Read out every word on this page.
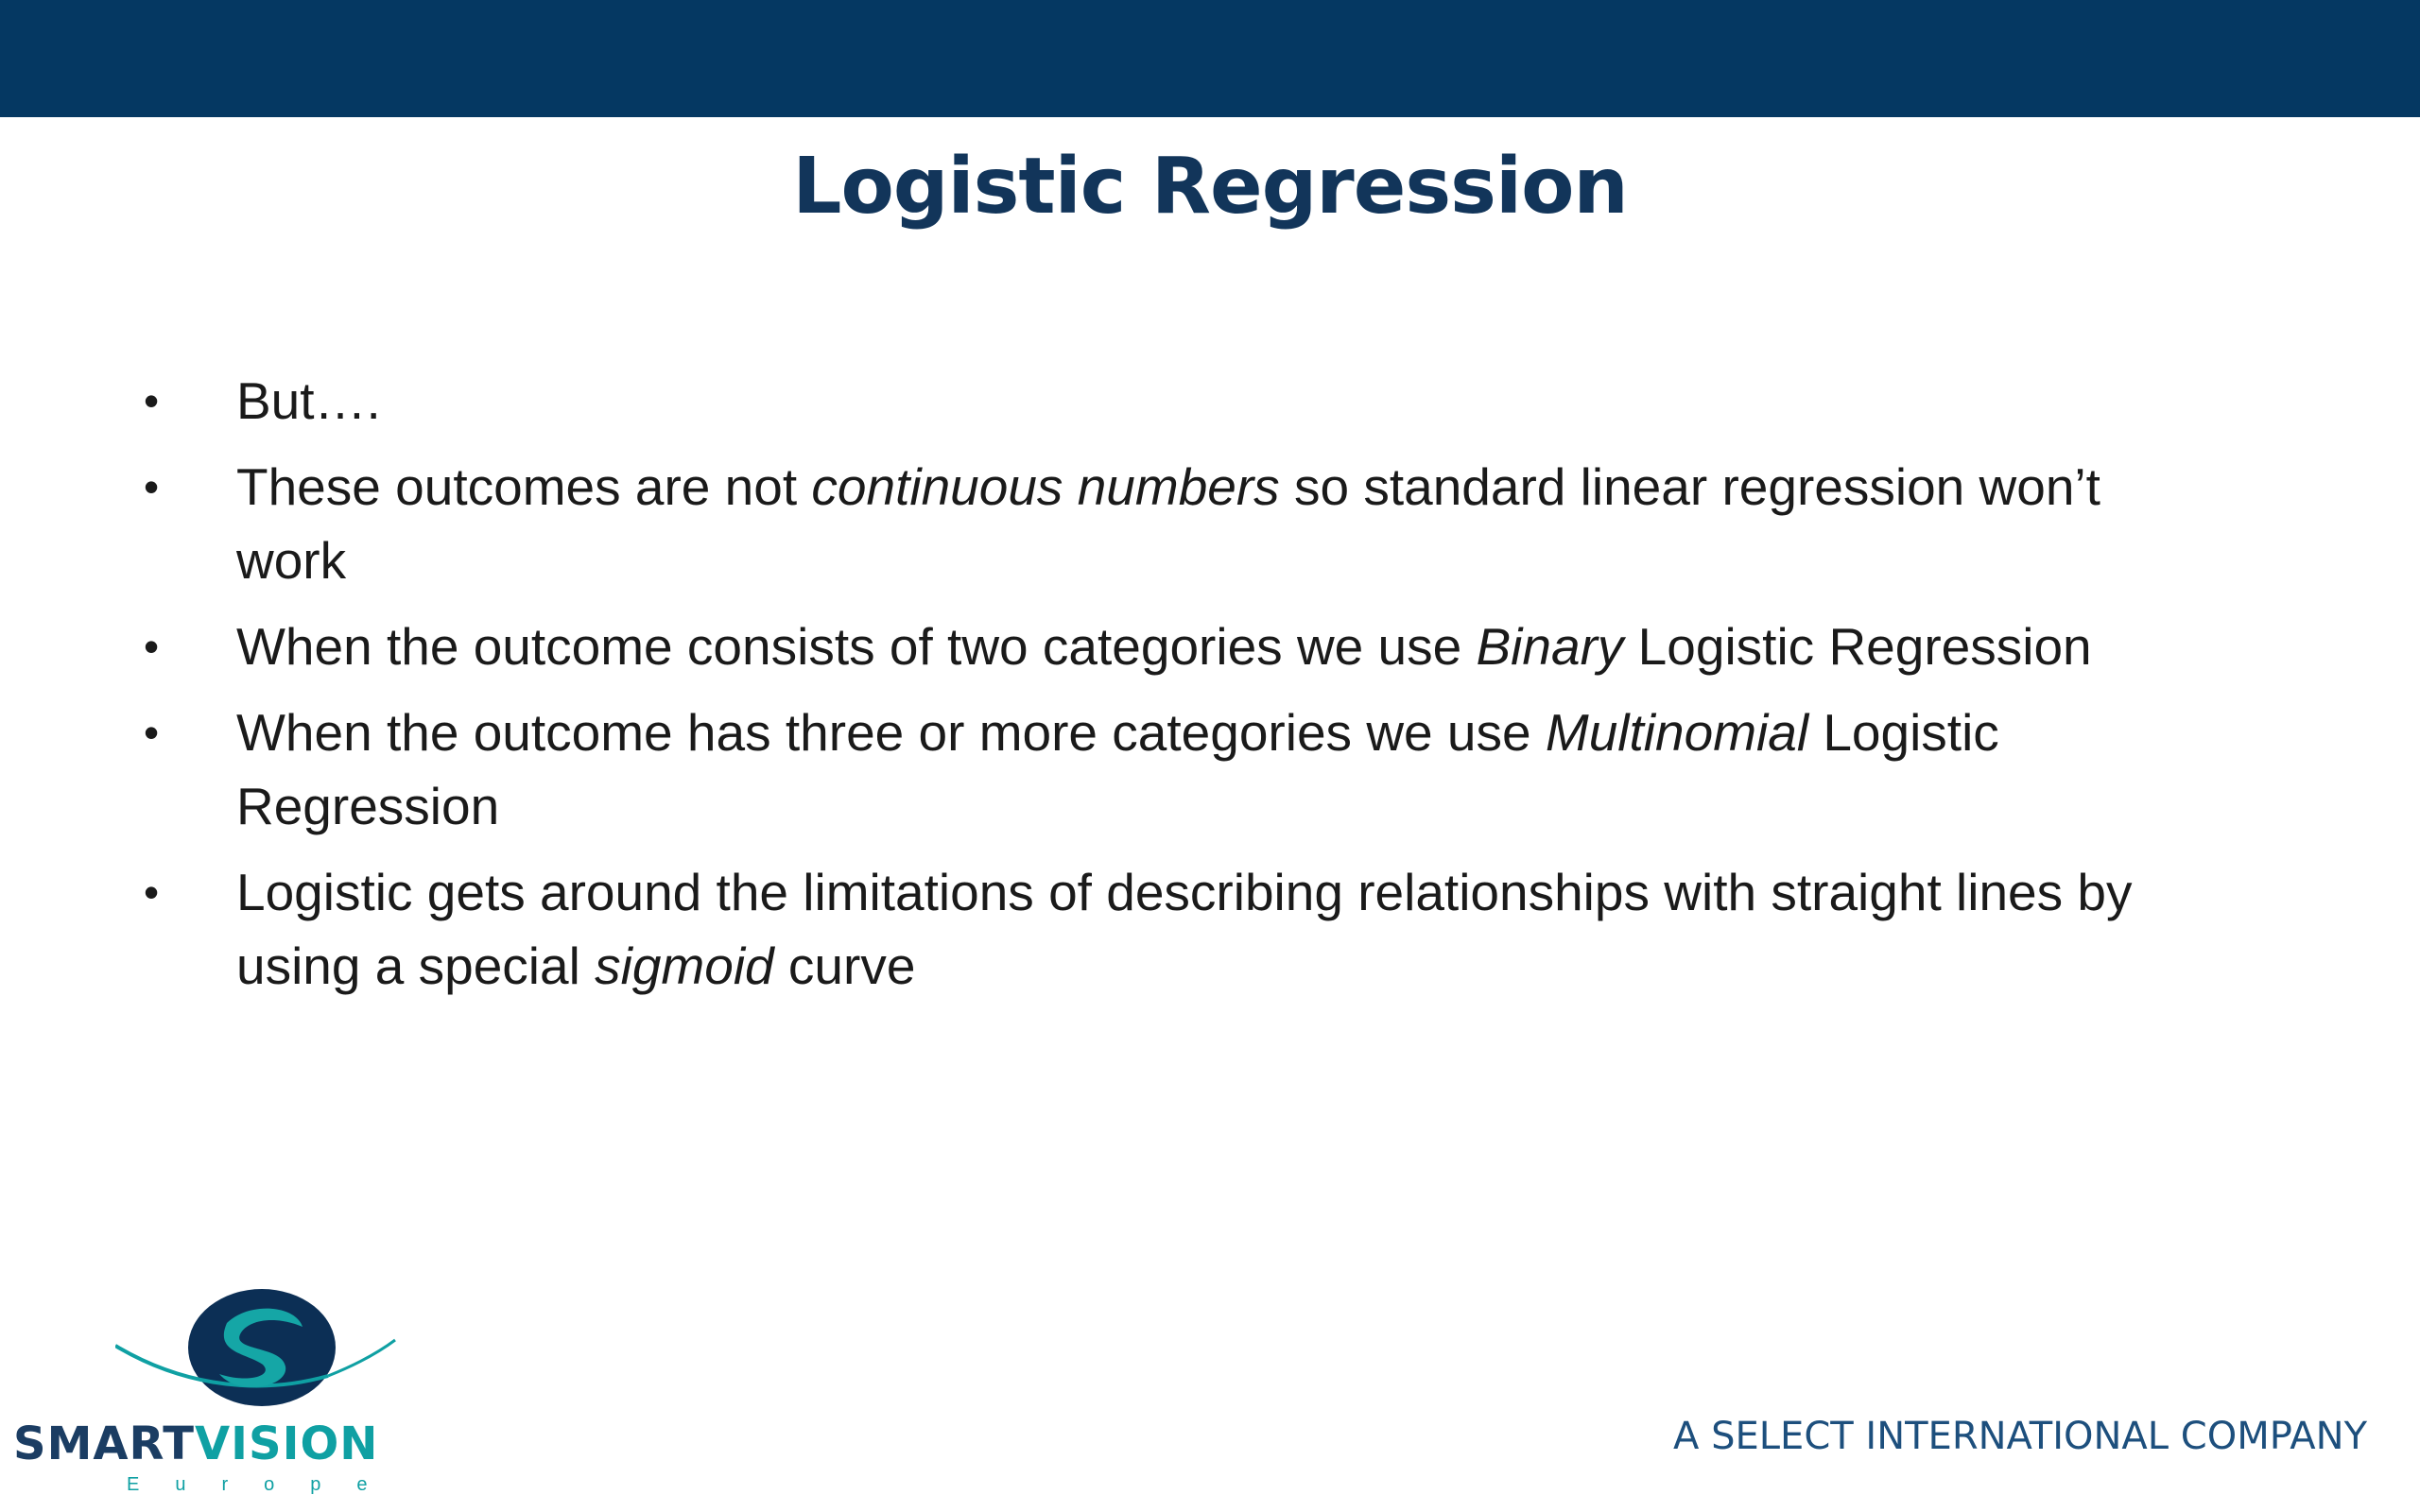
Logistic Regression
• But….
• These outcomes are not continuous numbers so standard linear regression won’t work
• When the outcome consists of two categories we use Binary Logistic Regression
• When the outcome has three or more categories we use Multinomial Logistic Regression
• Logistic gets around the limitations of describing relationships with straight lines by using a special sigmoid curve
SMARTVISION
Europe
A SELECT INTERNATIONAL COMPANY
